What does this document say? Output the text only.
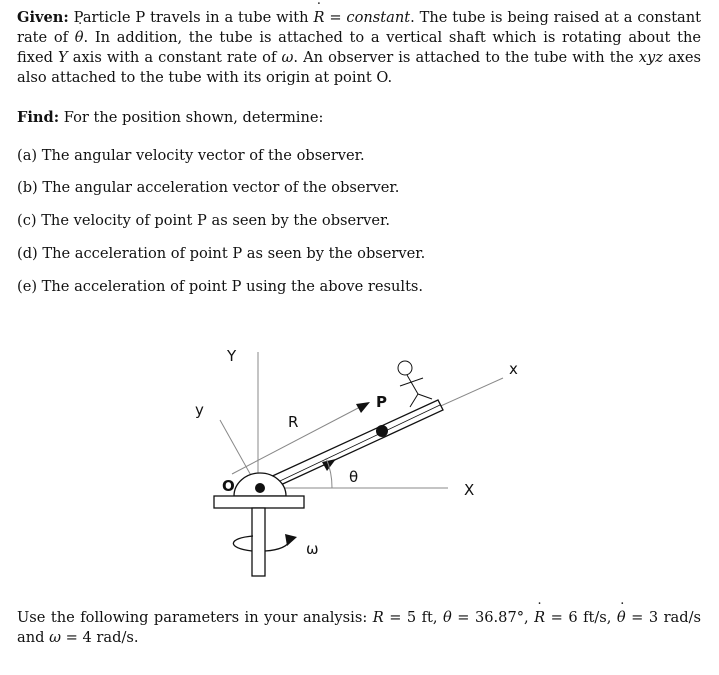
Given: Particle P travels in a tube with ˙ R = constant. The tube is being raised at a constant rate of ˙ θ. In addition, the tube is attached to a vertical shaft which is rotating about the fixed Y axis with a constant rate of ω. An observer is attached to the tube with the xyz axes also attached to the tube with its origin at point O.

Find: For the position shown, determine:

(a) The angular velocity vector of the observer.

(b) The angular acceleration vector of the observer.

(c) The velocity of point P as seen by the observer.

(d) The acceleration of point P as seen by the observer.

(e) The acceleration of point P using the above results.

Y
y
x
X
R
P
O	θ
ω

Use the following parameters in your analysis: R = 5 ft, θ = 36.87°, ˙ R = 6 ft/s, ˙ θ = 3 rad/s and ω = 4 rad/s.
